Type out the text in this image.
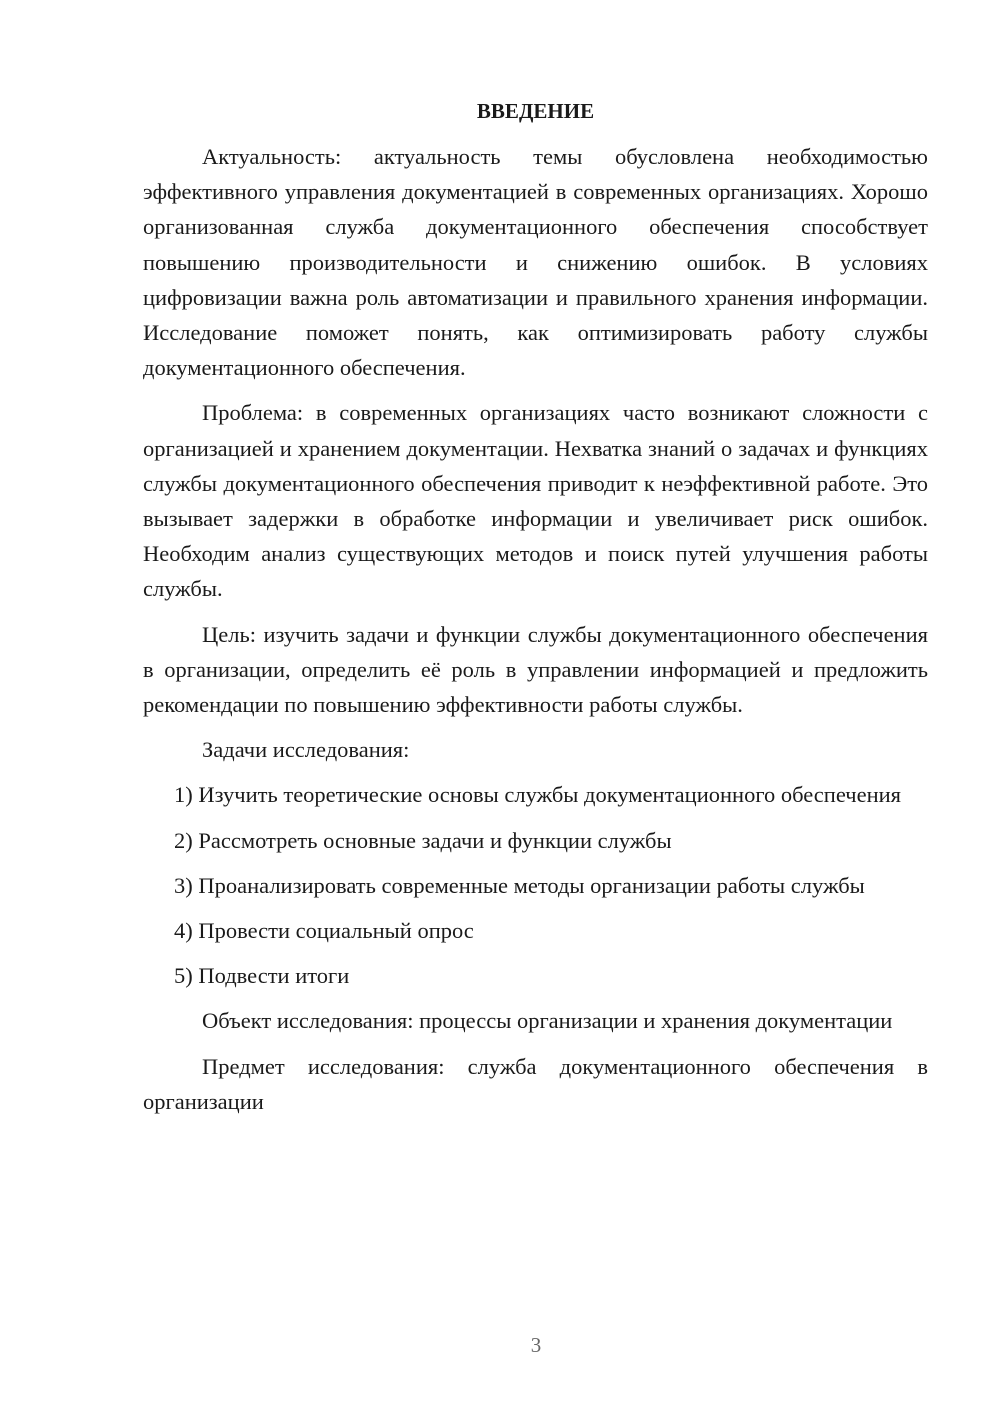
ВВЕДЕНИЕ

Актуальность: актуальность темы обусловлена необходимостью эффективного управления документацией в современных организациях. Хорошо организованная служба документационного обеспечения способствует повышению производительности и снижению ошибок. В условиях цифровизации важна роль автоматизации и правильного хранения информации. Исследование поможет понять, как оптимизировать работу службы документационного обеспечения.

Проблема: в современных организациях часто возникают сложности с организацией и хранением документации. Нехватка знаний о задачах и функциях службы документационного обеспечения приводит к неэффективной работе. Это вызывает задержки в обработке информации и увеличивает риск ошибок. Необходим анализ существующих методов и поиск путей улучшения работы службы.

Цель: изучить задачи и функции службы документационного обеспечения в организации, определить её роль в управлении информацией и предложить рекомендации по повышению эффективности работы службы.

Задачи исследования:

1) Изучить теоретические основы службы документационного обеспечения

2) Рассмотреть основные задачи и функции службы

3) Проанализировать современные методы организации работы службы

4) Провести социальный опрос

5) Подвести итоги

Объект исследования: процессы организации и хранения документации

Предмет исследования: служба документационного обеспечения в организации

3
